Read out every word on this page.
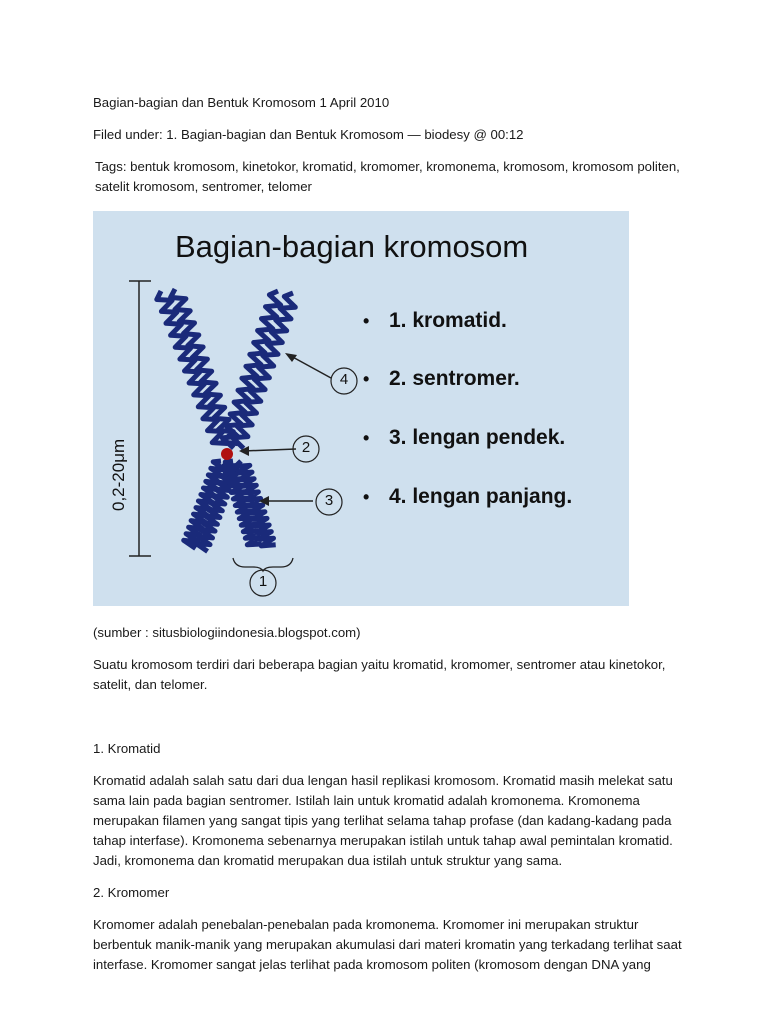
Bagian-bagian dan Bentuk Kromosom 1 April 2010

Filed under: 1. Bagian-bagian dan Bentuk Kromosom — biodesy @ 00:12

Tags: bentuk kromosom, kinetokor, kromatid, kromomer, kromonema, kromosom, kromosom politen, satelit kromosom, sentromer, telomer

Bagian-bagian kromosom
• 1. kromatid.
• 2. sentromer.
• 3. lengan pendek.
• 4. lengan panjang.
4
2
3
1
0,2-20μm

(sumber : situsbiologiindonesia.blogspot.com)

Suatu kromosom terdiri dari beberapa bagian yaitu kromatid, kromomer, sentromer atau kinetokor, satelit, dan telomer.

1. Kromatid

Kromatid adalah salah satu dari dua lengan hasil replikasi kromosom. Kromatid masih melekat satu sama lain pada bagian sentromer. Istilah lain untuk kromatid adalah kromonema. Kromonema merupakan filamen yang sangat tipis yang terlihat selama tahap profase (dan kadang-kadang pada tahap interfase). Kromonema sebenarnya merupakan istilah untuk tahap awal pemintalan kromatid. Jadi, kromonema dan kromatid merupakan dua istilah untuk struktur yang sama.

2. Kromomer

Kromomer adalah penebalan-penebalan pada kromonema. Kromomer ini merupakan struktur berbentuk manik-manik yang merupakan akumulasi dari materi kromatin yang terkadang terlihat saat interfase. Kromomer sangat jelas terlihat pada kromosom politen (kromosom dengan DNA yang
